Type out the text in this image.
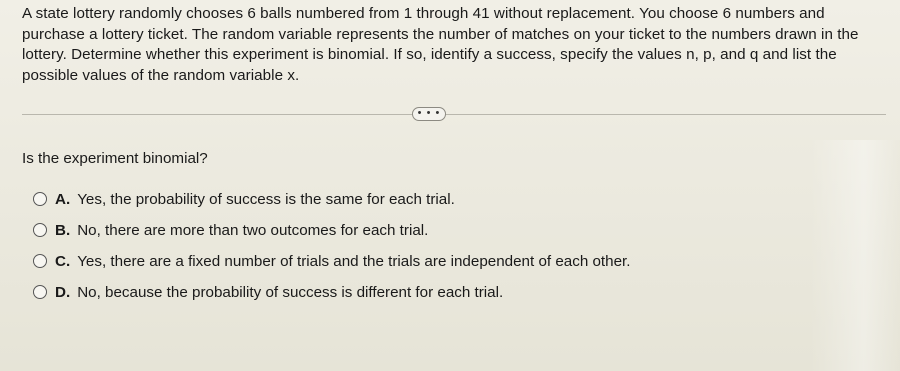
A state lottery randomly chooses 6 balls numbered from 1 through 41 without replacement. You choose 6 numbers and purchase a lottery ticket. The random variable represents the number of matches on your ticket to the numbers drawn in the lottery. Determine whether this experiment is binomial. If so, identify a success, specify the values n, p, and q and list the possible values of the random variable x.
• • •
Is the experiment binomial?
A. Yes, the probability of success is the same for each trial.
B. No, there are more than two outcomes for each trial.
C. Yes, there are a fixed number of trials and the trials are independent of each other.
D. No, because the probability of success is different for each trial.
